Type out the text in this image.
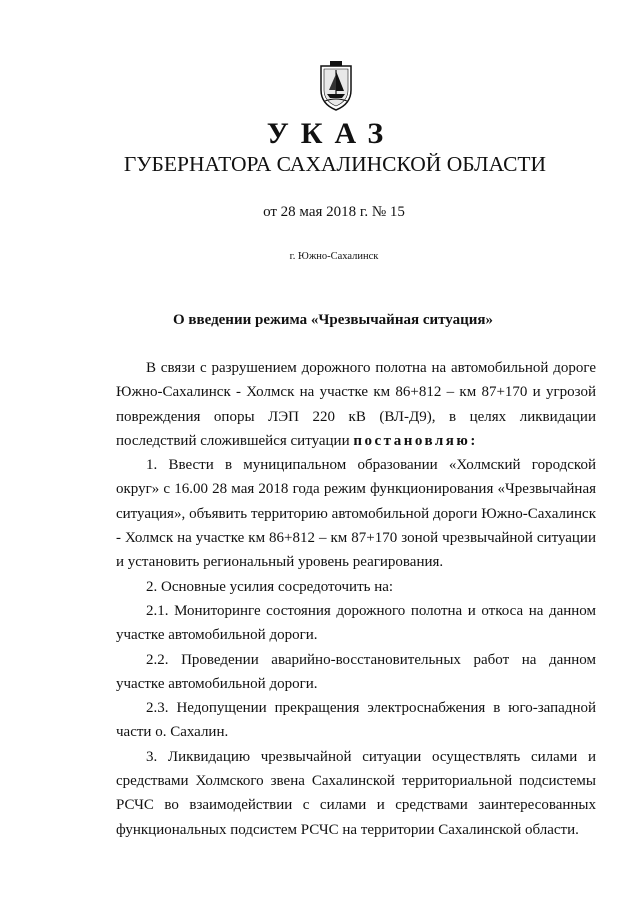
УКАЗ
ГУБЕРНАТОРА САХАЛИНСКОЙ ОБЛАСТИ
от 28 мая 2018 г. № 15
г. Южно-Сахалинск
О введении режима «Чрезвычайная ситуация»

В связи с разрушением дорожного полотна на автомобильной дороге Южно-Сахалинск - Холмск на участке км 86+812 – км 87+170 и угрозой повреждения опоры ЛЭП 220 кВ (ВЛ-Д9), в целях ликвидации последствий сложившейся ситуации постановляю:

1. Ввести в муниципальном образовании «Холмский городской округ» с 16.00 28 мая 2018 года режим функционирования «Чрезвычайная ситуация», объявить территорию автомобильной дороги Южно-Сахалинск - Холмск на участке км 86+812 – км 87+170 зоной чрезвычайной ситуации и установить региональный уровень реагирования.

2. Основные усилия сосредоточить на:

2.1. Мониторинге состояния дорожного полотна и откоса на данном участке автомобильной дороги.

2.2. Проведении аварийно-восстановительных работ на данном участке автомобильной дороги.

2.3. Недопущении прекращения электроснабжения в юго-западной части о. Сахалин.

3. Ликвидацию чрезвычайной ситуации осуществлять силами и средствами Холмского звена Сахалинской территориальной подсистемы РСЧС во взаимодействии с силами и средствами заинтересованных функциональных подсистем РСЧС на территории Сахалинской области.
